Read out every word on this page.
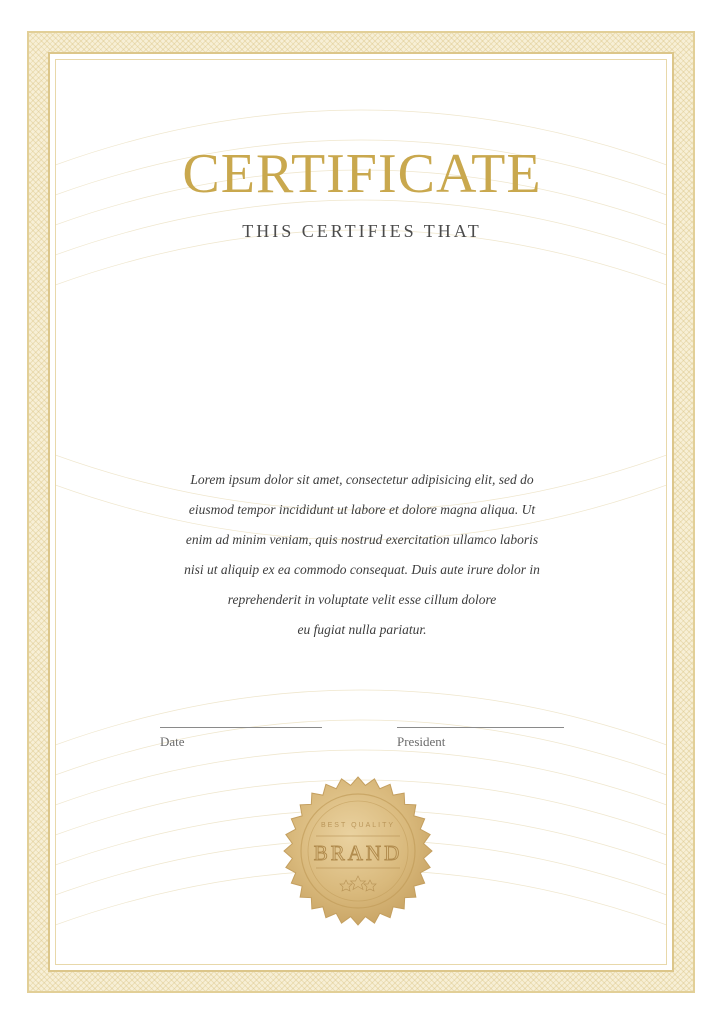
CERTIFICATE
THIS CERTIFIES THAT
Lorem ipsum dolor sit amet, consectetur adipisicing elit, sed do
eiusmod tempor incididunt ut labore et dolore magna aliqua. Ut
enim ad minim veniam, quis nostrud exercitation ullamco laboris
nisi ut aliquip ex ea commodo consequat. Duis aute irure dolor in
reprehenderit in voluptate velit esse cillum dolore
eu fugiat nulla pariatur.
Date	President
BEST QUALITY
BRAND
